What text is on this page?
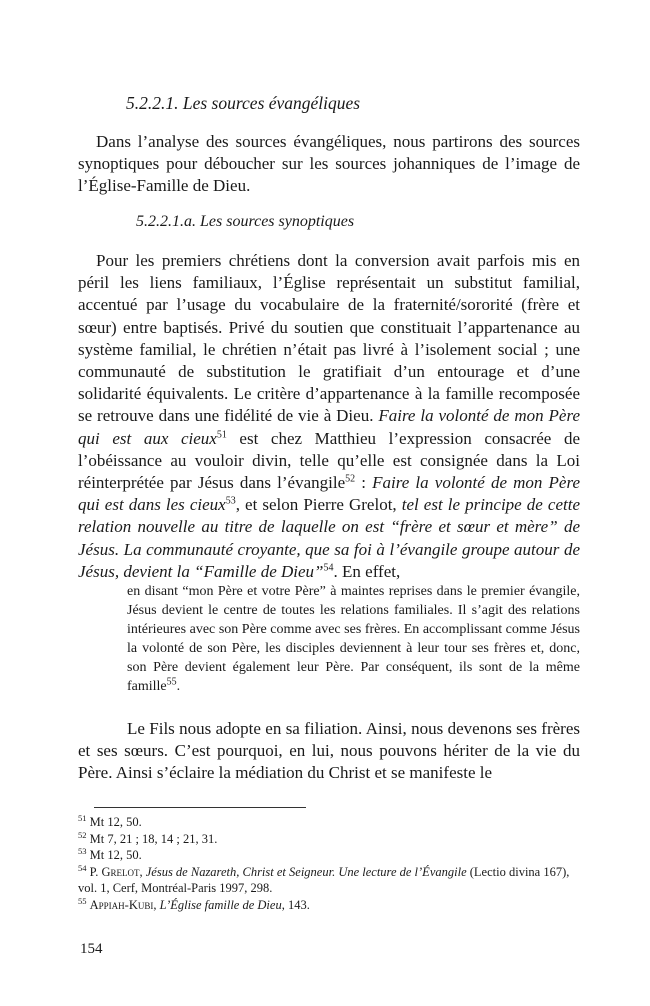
5.2.2.1. Les sources évangéliques

Dans l’analyse des sources évangéliques, nous partirons des sources synoptiques pour déboucher sur les sources johanniques de l’image de l’Église-Famille de Dieu.

5.2.2.1.a. Les sources synoptiques

Pour les premiers chrétiens dont la conversion avait parfois mis en péril les liens familiaux, l’Église représentait un substitut familial, accentué par l’usage du vocabulaire de la fraternité/sororité (frère et sœur) entre baptisés. Privé du soutien que constituait l’appartenance au système familial, le chrétien n’était pas livré à l’isolement social ; une communauté de substitution le gratifiait d’un entourage et d’une solidarité équivalents. Le critère d’appartenance à la famille recomposée se retrouve dans une fidélité de vie à Dieu. Faire la volonté de mon Père qui est aux cieux$^{51}$ est chez Matthieu l’expression consacrée de l’obéissance au vouloir divin, telle qu’elle est consignée dans la Loi réinterprétée par Jésus dans l’évangile$^{52}$ : Faire la volonté de mon Père qui est dans les cieux$^{53}$, et selon Pierre Grelot, tel est le principe de cette relation nouvelle au titre de laquelle on est “frère et sœur et mère” de Jésus. La communauté croyante, que sa foi à l’évangile groupe autour de Jésus, devient la “Famille de Dieu”$^{54}$. En effet,

en disant “mon Père et votre Père” à maintes reprises dans le premier évangile, Jésus devient le centre de toutes les relations familiales. Il s’agit des relations intérieures avec son Père comme avec ses frères. En accomplissant comme Jésus la volonté de son Père, les disciples deviennent à leur tour ses frères et, donc, son Père devient également leur Père. Par conséquent, ils sont de la même famille$^{55}$.

Le Fils nous adopte en sa filiation. Ainsi, nous devenons ses frères et ses sœurs. C’est pourquoi, en lui, nous pouvons hériter de la vie du Père. Ainsi s’éclaire la médiation du Christ et se manifeste le

$^{51}$ Mt 12, 50.
$^{52}$ Mt 7, 21 ; 18, 14 ; 21, 31.
$^{53}$ Mt 12, 50.
$^{54}$ P. Grelot, Jésus de Nazareth, Christ et Seigneur. Une lecture de l’Évangile (Lectio divina 167), vol. 1, Cerf, Montréal-Paris 1997, 298.
$^{55}$ Appiah-Kubi, L’Église famille de Dieu, 143.
154
